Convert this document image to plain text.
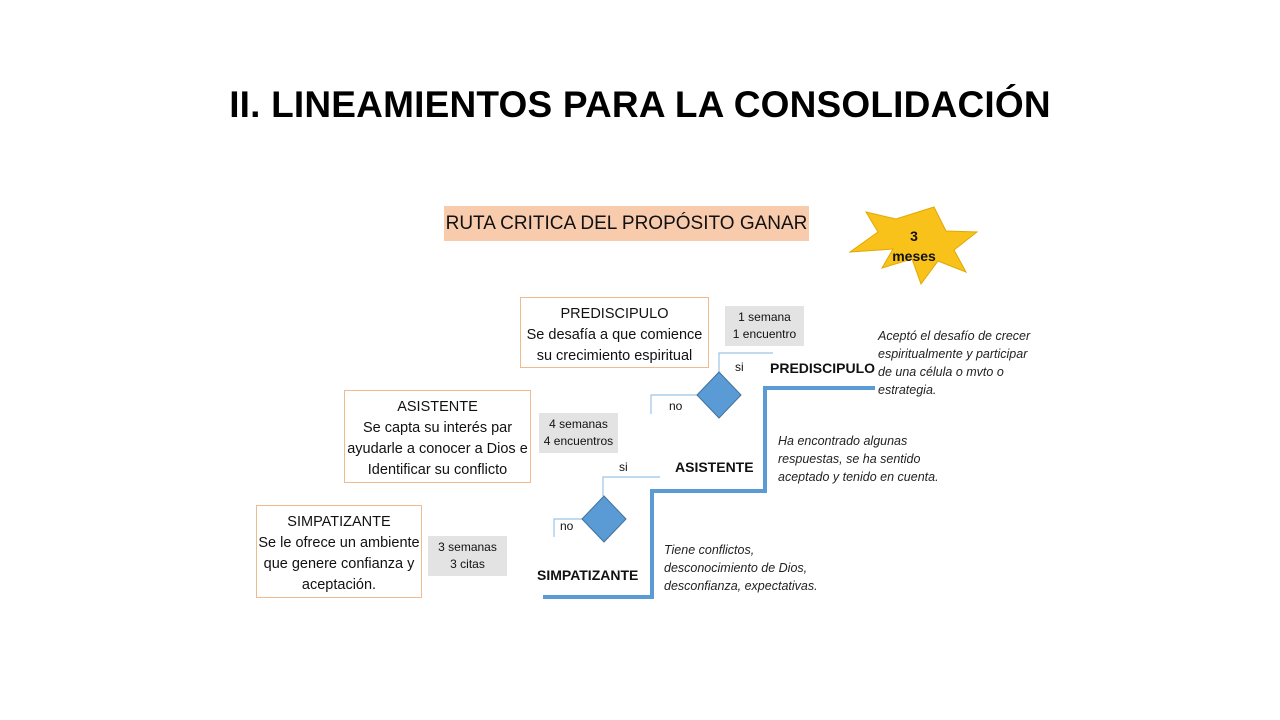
II. LINEAMIENTOS PARA LA CONSOLIDACIÓN
RUTA CRITICA DEL PROPÓSITO GANAR
3
meses
PREDISCIPULO
Se desafía a que comience
su crecimiento espiritual
ASISTENTE
Se capta su interés par
ayudarle a conocer a Dios e
Identificar su conflicto
SIMPATIZANTE
Se le ofrece un ambiente
que genere confianza y
aceptación.
1 semana
1 encuentro
4 semanas
4 encuentros
3 semanas
3 citas
PREDISCIPULO
ASISTENTE
SIMPATIZANTE
si
no
si
no
Aceptó el desafío de crecer
espiritualmente y participar
de una célula o mvto o
estrategia.
Ha encontrado algunas
respuestas, se ha sentido
aceptado y tenido en cuenta.
Tiene conflictos,
desconocimiento de Dios,
desconfianza, expectativas.
